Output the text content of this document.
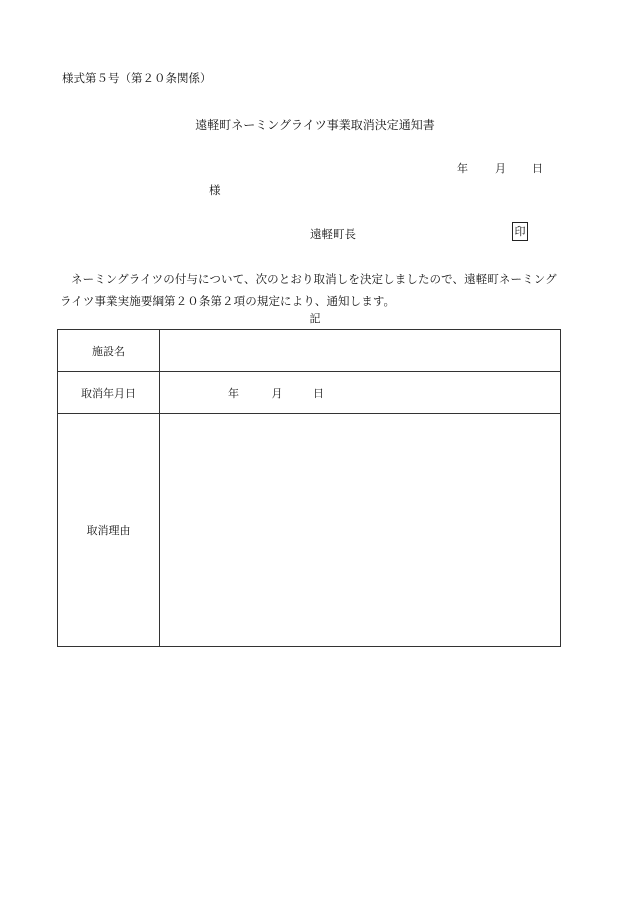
様式第５号（第２０条関係）
遠軽町ネーミングライツ事業取消決定通知書
年 月 日
様
遠軽町長	印
ネーミングライツの付与について、次のとおり取消しを決定しましたので、遠軽町ネーミングライツ事業実施要綱第２０条第２項の規定により、通知します。
記
施設名	
取消年月日	年 月 日
取消理由	
